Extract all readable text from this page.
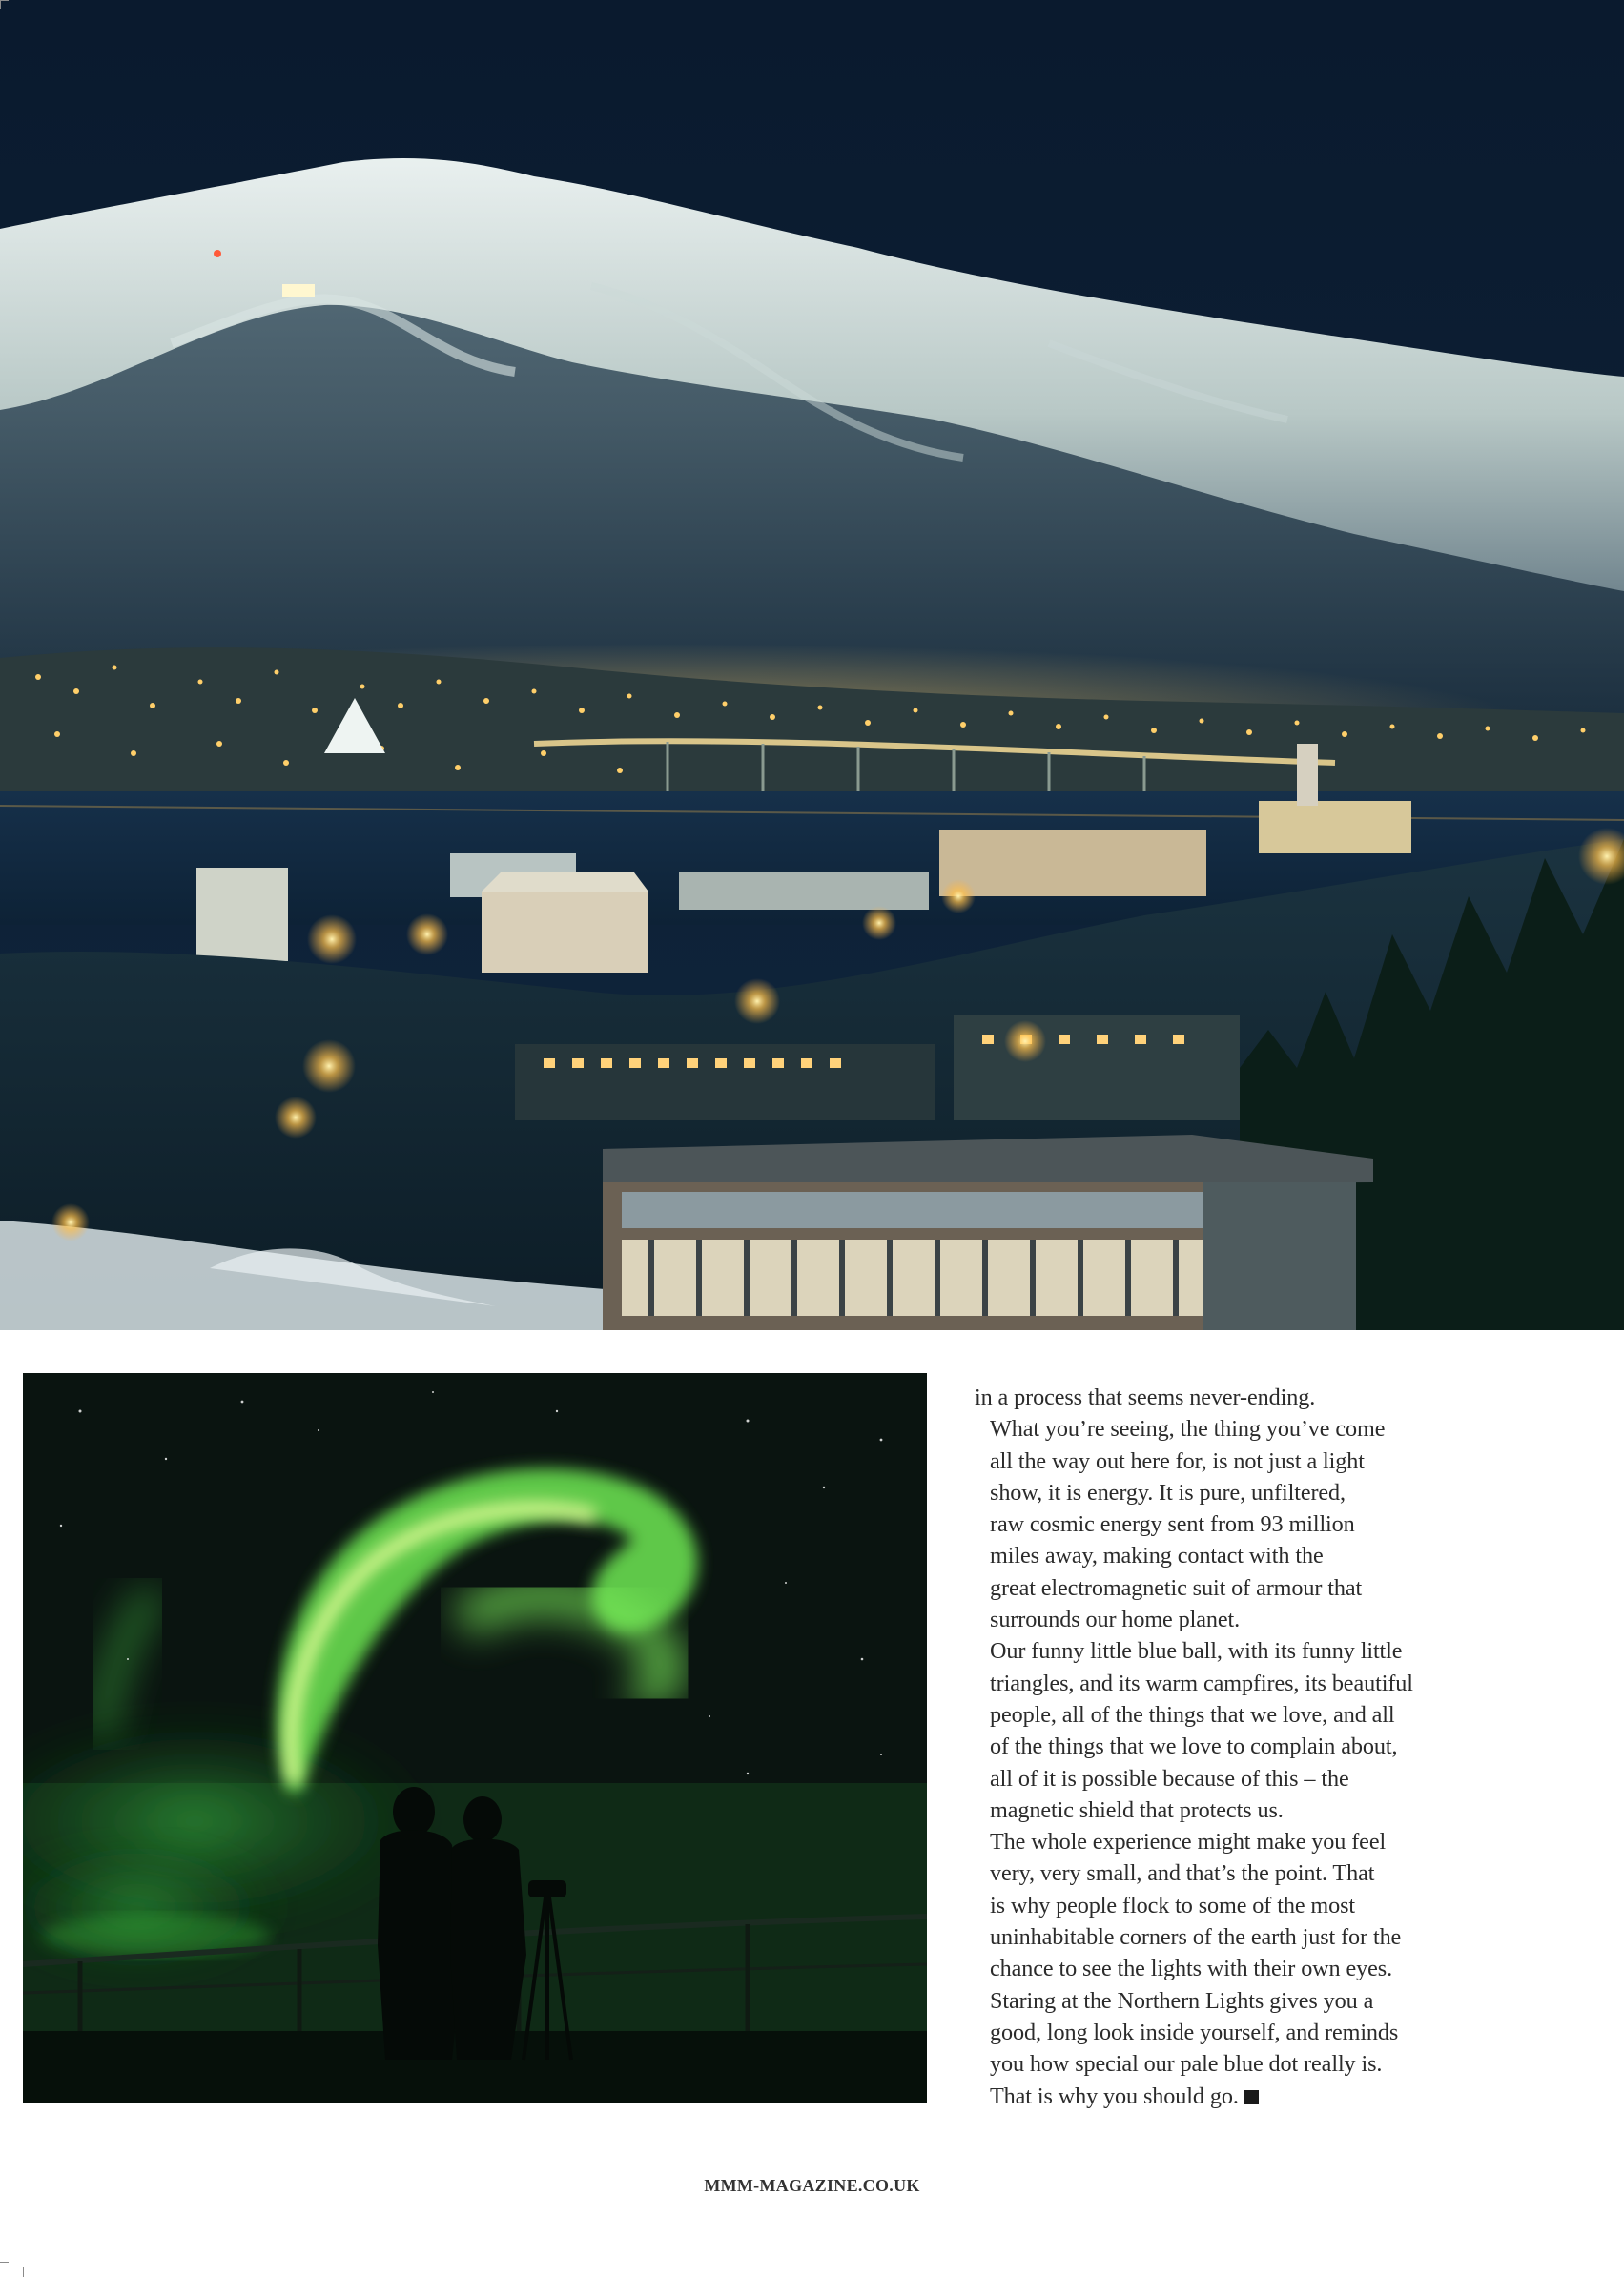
in a process that seems never-ending.

What you’re seeing, the thing you’ve come
all the way out here for, is not just a light
show, it is energy. It is pure, unfiltered,
raw cosmic energy sent from 93 million
miles away, making contact with the
great electromagnetic suit of armour that
surrounds our home planet.

Our funny little blue ball, with its funny little
triangles, and its warm campfires, its beautiful
people, all of the things that we love, and all
of the things that we love to complain about,
all of it is possible because of this – the
magnetic shield that protects us.

The whole experience might make you feel
very, very small, and that’s the point. That
is why people flock to some of the most
uninhabitable corners of the earth just for the
chance to see the lights with their own eyes.

Staring at the Northern Lights gives you a
good, long look inside yourself, and reminds
you how special our pale blue dot really is.
That is why you should go.

MMM-MAGAZINE.CO.UK
